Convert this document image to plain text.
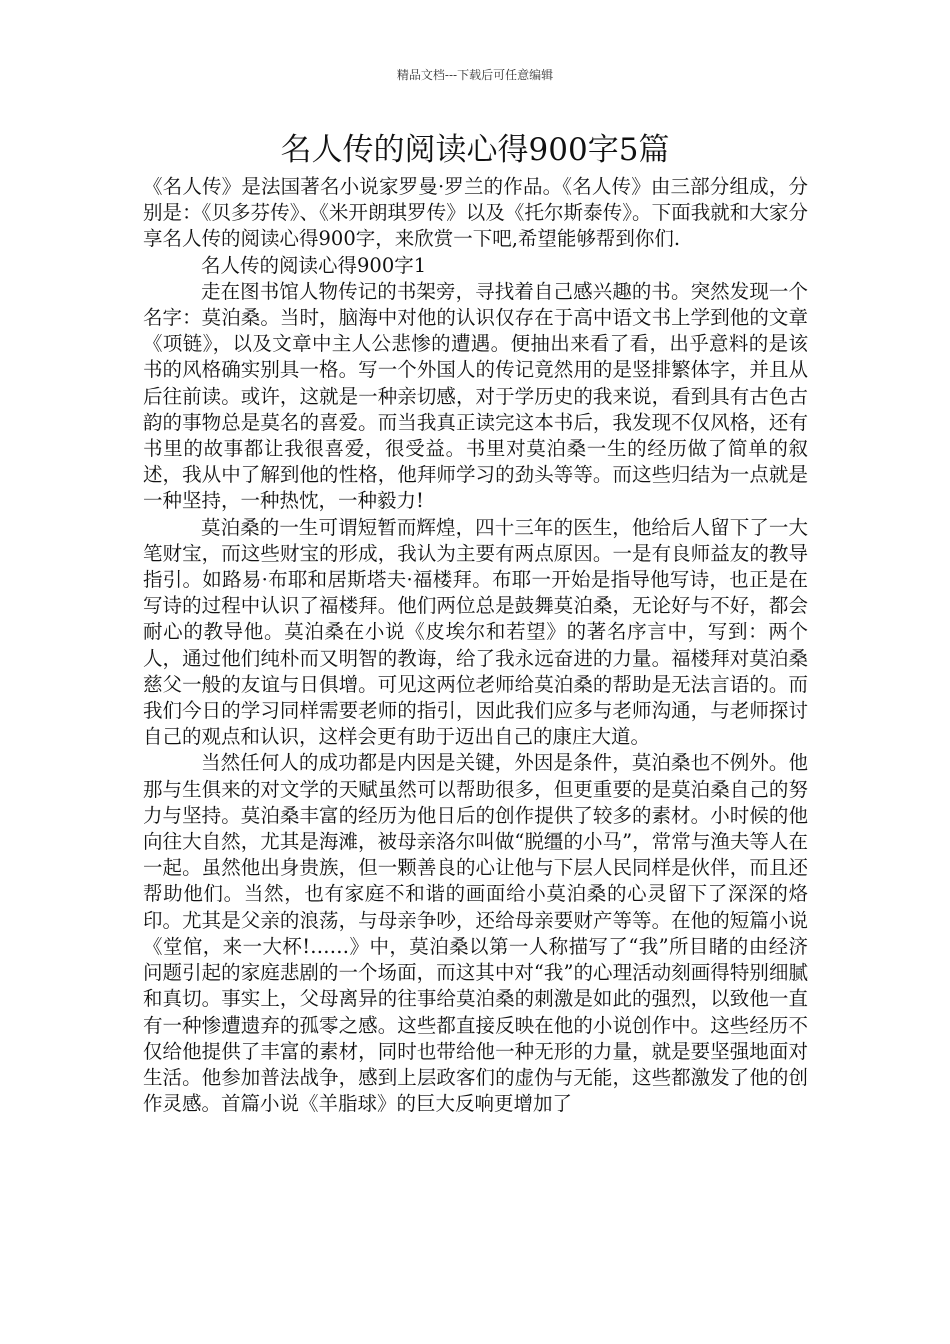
精品文档---下载后可任意编辑
名人传的阅读心得900字5篇

《名人传》是法国著名小说家罗曼·罗兰的作品。《名人传》由三部分组成，分别是：《贝多芬传》、《米开朗琪罗传》以及《托尔斯泰传》。下面我就和大家分享名人传的阅读心得900字，来欣赏一下吧,希望能够帮到你们.

名人传的阅读心得900字1

走在图书馆人物传记的书架旁，寻找着自己感兴趣的书。突然发现一个名字：莫泊桑。当时，脑海中对他的认识仅存在于高中语文书上学到他的文章《项链》，以及文章中主人公悲惨的遭遇。便抽出来看了看，出乎意料的是该书的风格确实别具一格。写一个外国人的传记竟然用的是竖排繁体字，并且从后往前读。或许，这就是一种亲切感，对于学历史的我来说，看到具有古色古韵的事物总是莫名的喜爱。而当我真正读完这本书后，我发现不仅风格，还有书里的故事都让我很喜爱，很受益。书里对莫泊桑一生的经历做了简单的叙述，我从中了解到他的性格，他拜师学习的劲头等等。而这些归结为一点就是一种坚持，一种热忱，一种毅力!

莫泊桑的一生可谓短暂而辉煌，四十三年的医生，他给后人留下了一大笔财宝，而这些财宝的形成，我认为主要有两点原因。一是有良师益友的教导指引。如路易·布耶和居斯塔夫·福楼拜。布耶一开始是指导他写诗，也正是在写诗的过程中认识了福楼拜。他们两位总是鼓舞莫泊桑，无论好与不好，都会耐心的教导他。莫泊桑在小说《皮埃尔和若望》的著名序言中，写到：两个人，通过他们纯朴而又明智的教诲，给了我永远奋进的力量。福楼拜对莫泊桑慈父一般的友谊与日俱增。可见这两位老师给莫泊桑的帮助是无法言语的。而我们今日的学习同样需要老师的指引，因此我们应多与老师沟通，与老师探讨自己的观点和认识，这样会更有助于迈出自己的康庄大道。

当然任何人的成功都是内因是关键，外因是条件，莫泊桑也不例外。他那与生俱来的对文学的天赋虽然可以帮助很多，但更重要的是莫泊桑自己的努力与坚持。莫泊桑丰富的经历为他日后的创作提供了较多的素材。小时候的他向往大自然，尤其是海滩，被母亲洛尔叫做“脱缰的小马”，常常与渔夫等人在一起。虽然他出身贵族，但一颗善良的心让他与下层人民同样是伙伴，而且还帮助他们。当然，也有家庭不和谐的画面给小莫泊桑的心灵留下了深深的烙印。尤其是父亲的浪荡，与母亲争吵，还给母亲要财产等等。在他的短篇小说《堂倌，来一大杯!……》中，莫泊桑以第一人称描写了“我”所目睹的由经济问题引起的家庭悲剧的一个场面，而这其中对“我”的心理活动刻画得特别细腻和真切。事实上，父母离异的往事给莫泊桑的刺激是如此的强烈，以致他一直有一种惨遭遗弃的孤零之感。这些都直接反映在他的小说创作中。这些经历不仅给他提供了丰富的素材，同时也带给他一种无形的力量，就是要坚强地面对生活。他参加普法战争，感到上层政客们的虚伪与无能，这些都激发了他的创作灵感。首篇小说《羊脂球》的巨大反响更增加了
